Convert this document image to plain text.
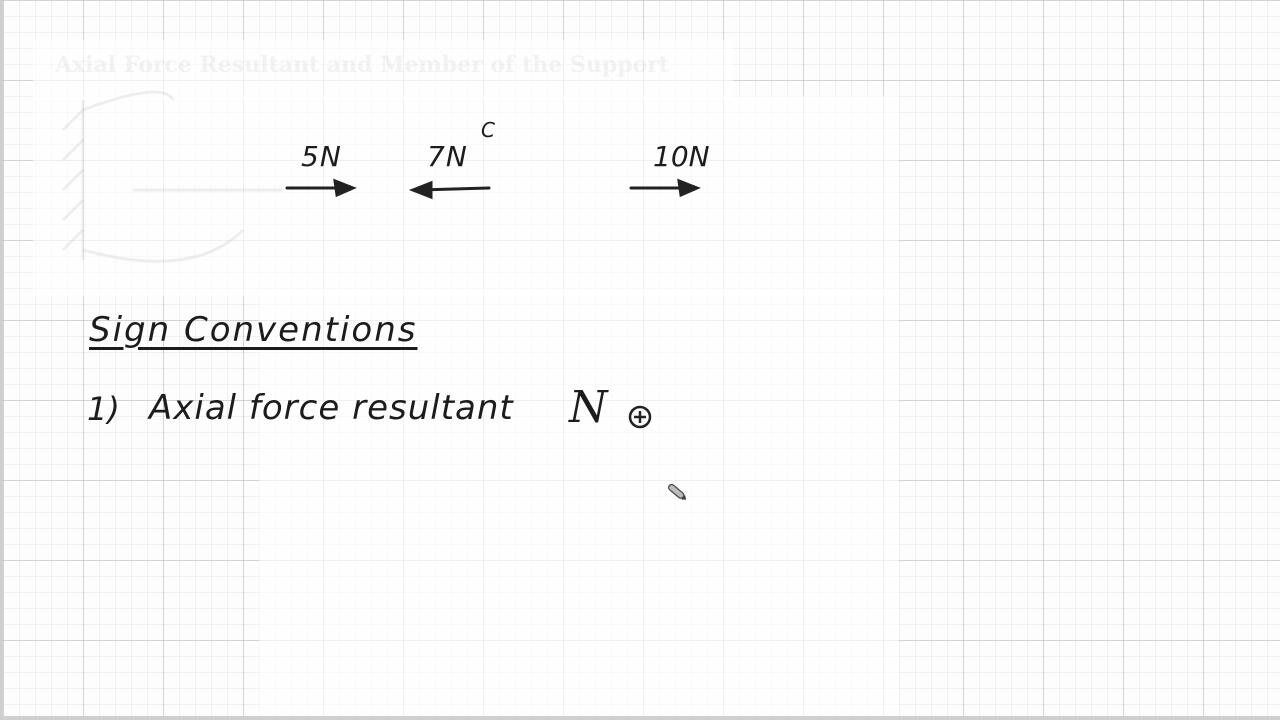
Axial Force Resultant and Member of the Support
5N	7N
C
10N
Sign Conventions
1) Axial force resultant N
